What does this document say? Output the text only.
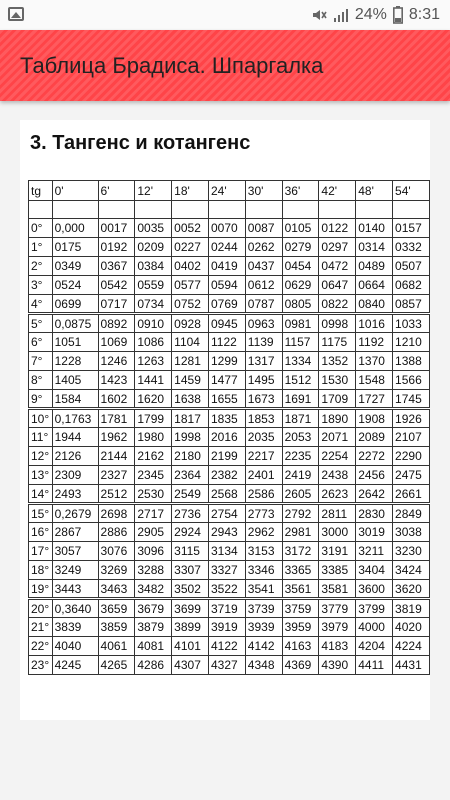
24% 8:31
Таблица Брадиса. Шпаргалка
3. Тангенс и котангенс
tg	0'	6'	12'	18'	24'	30'	36'	42'	48'	54'

0°	0,000	0017	0035	0052	0070	0087	0105	0122	0140	0157
1°	0175	0192	0209	0227	0244	0262	0279	0297	0314	0332
2°	0349	0367	0384	0402	0419	0437	0454	0472	0489	0507
3°	0524	0542	0559	0577	0594	0612	0629	0647	0664	0682
4°	0699	0717	0734	0752	0769	0787	0805	0822	0840	0857
5°	0,0875	0892	0910	0928	0945	0963	0981	0998	1016	1033
6°	1051	1069	1086	1104	1122	1139	1157	1175	1192	1210
7°	1228	1246	1263	1281	1299	1317	1334	1352	1370	1388
8°	1405	1423	1441	1459	1477	1495	1512	1530	1548	1566
9°	1584	1602	1620	1638	1655	1673	1691	1709	1727	1745
10°	0,1763	1781	1799	1817	1835	1853	1871	1890	1908	1926
11°	1944	1962	1980	1998	2016	2035	2053	2071	2089	2107
12°	2126	2144	2162	2180	2199	2217	2235	2254	2272	2290
13°	2309	2327	2345	2364	2382	2401	2419	2438	2456	2475
14°	2493	2512	2530	2549	2568	2586	2605	2623	2642	2661
15°	0,2679	2698	2717	2736	2754	2773	2792	2811	2830	2849
16°	2867	2886	2905	2924	2943	2962	2981	3000	3019	3038
17°	3057	3076	3096	3115	3134	3153	3172	3191	3211	3230
18°	3249	3269	3288	3307	3327	3346	3365	3385	3404	3424
19°	3443	3463	3482	3502	3522	3541	3561	3581	3600	3620
20°	0,3640	3659	3679	3699	3719	3739	3759	3779	3799	3819
21°	3839	3859	3879	3899	3919	3939	3959	3979	4000	4020
22°	4040	4061	4081	4101	4122	4142	4163	4183	4204	4224
23°	4245	4265	4286	4307	4327	4348	4369	4390	4411	4431
